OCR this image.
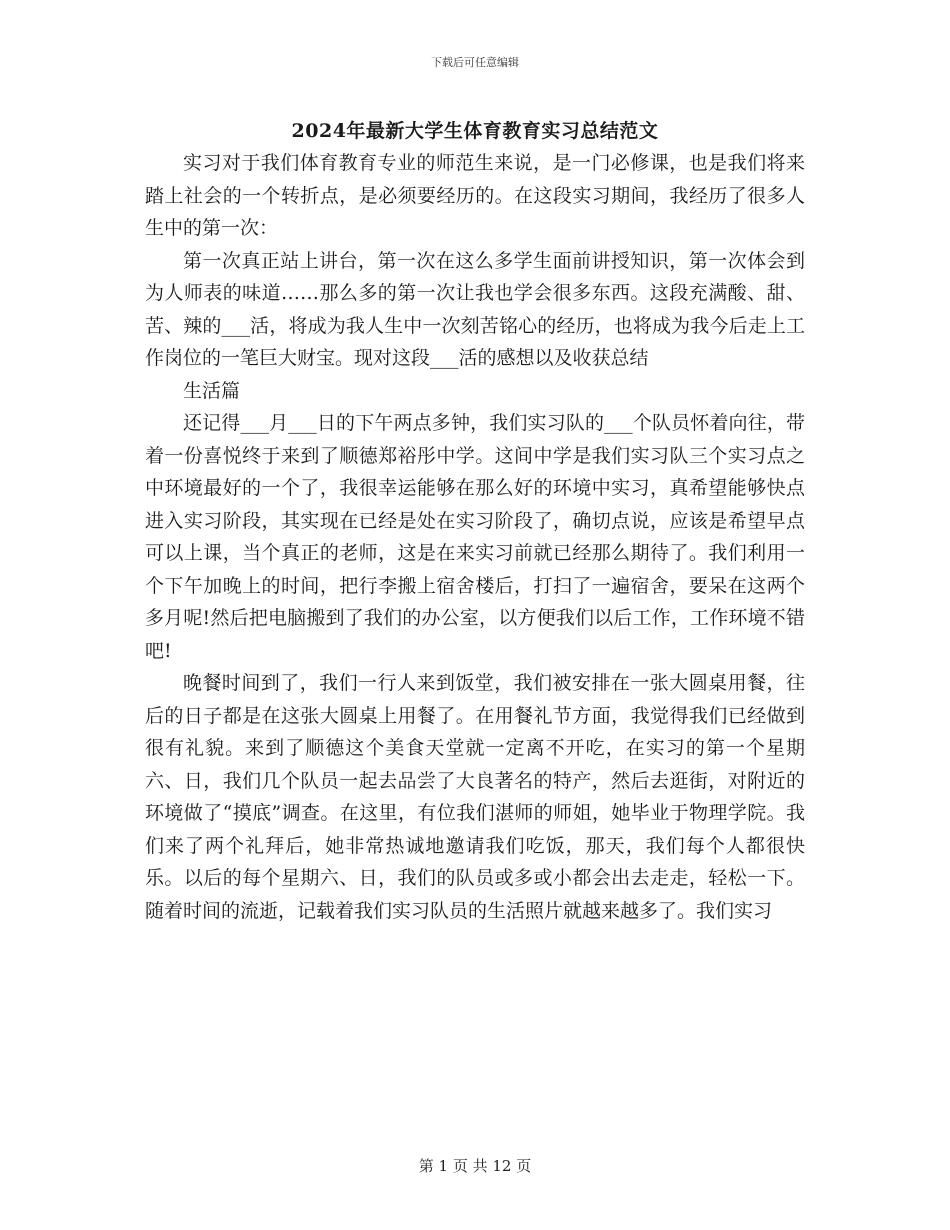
下载后可任意编辑
2024年最新大学生体育教育实习总结范文

实习对于我们体育教育专业的师范生来说，是一门必修课，也是我们将来踏上社会的一个转折点，是必须要经历的。在这段实习期间，我经历了很多人生中的第一次：

第一次真正站上讲台，第一次在这么多学生面前讲授知识，第一次体会到为人师表的味道……那么多的第一次让我也学会很多东西。这段充满酸、甜、苦、辣的___活，将成为我人生中一次刻苦铭心的经历，也将成为我今后走上工作岗位的一笔巨大财宝。现对这段___活的感想以及收获总结

生活篇

还记得___月___日的下午两点多钟，我们实习队的___个队员怀着向往，带着一份喜悦终于来到了顺德郑裕彤中学。这间中学是我们实习队三个实习点之中环境最好的一个了，我很幸运能够在那么好的环境中实习，真希望能够快点进入实习阶段，其实现在已经是处在实习阶段了，确切点说，应该是希望早点可以上课，当个真正的老师，这是在来实习前就已经那么期待了。我们利用一个下午加晚上的时间，把行李搬上宿舍楼后，打扫了一遍宿舍，要呆在这两个多月呢!然后把电脑搬到了我们的办公室，以方便我们以后工作，工作环境不错吧!

晚餐时间到了，我们一行人来到饭堂，我们被安排在一张大圆桌用餐，往后的日子都是在这张大圆桌上用餐了。在用餐礼节方面，我觉得我们已经做到很有礼貌。来到了顺德这个美食天堂就一定离不开吃，在实习的第一个星期六、日，我们几个队员一起去品尝了大良著名的特产，然后去逛街，对附近的环境做了“摸底”调查。在这里，有位我们湛师的师姐，她毕业于物理学院。我们来了两个礼拜后，她非常热诚地邀请我们吃饭，那天，我们每个人都很快乐。以后的每个星期六、日，我们的队员或多或小都会出去走走，轻松一下。随着时间的流逝，记载着我们实习队员的生活照片就越来越多了。我们实习

第 1 页 共 12 页
